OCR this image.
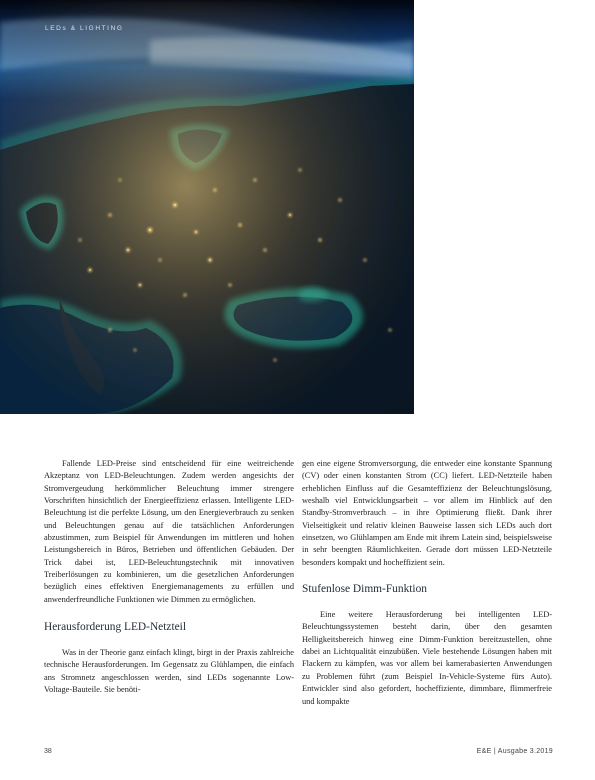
LEDs & LIGHTING

Fallende LED-Preise sind entscheidend für eine weitreichende Akzeptanz von LED-Beleuchtungen. Zudem werden angesichts der Stromvergeudung herkömmlicher Beleuchtung immer strengere Vorschriften hinsichtlich der Energieeffizienz erlassen. Intelligente LED-Beleuchtung ist die perfekte Lösung, um den Energieverbrauch zu senken und Beleuchtungen genau auf die tatsächlichen Anforderungen abzustimmen, zum Beispiel für Anwendungen im mittleren und hohen Leistungsbereich in Büros, Betrieben und öffentlichen Gebäuden. Der Trick dabei ist, LED-Beleuchtungstechnik mit innovativen Treiberlösungen zu kombinieren, um die gesetzlichen Anforderungen bezüglich eines effektiven Energiemanagements zu erfüllen und anwenderfreundliche Funktionen wie Dimmen zu ermöglichen.

Herausforderung LED-Netzteil

Was in der Theorie ganz einfach klingt, birgt in der Praxis zahlreiche technische Herausforderungen. Im Gegensatz zu Glühlampen, die einfach ans Stromnetz angeschlossen werden, sind LEDs sogenannte Low-Voltage-Bauteile. Sie benöti-

gen eine eigene Stromversorgung, die entweder eine konstante Spannung (CV) oder einen konstanten Strom (CC) liefert. LED-Netzteile haben erheblichen Einfluss auf die Gesamteffizienz der Beleuchtungslösung, weshalb viel Entwicklungsarbeit – vor allem im Hinblick auf den Standby-Stromverbrauch – in ihre Optimierung fließt. Dank ihrer Vielseitigkeit und relativ kleinen Bauweise lassen sich LEDs auch dort einsetzen, wo Glühlampen am Ende mit ihrem Latein sind, beispielsweise in sehr beengten Räumlichkeiten. Gerade dort müssen LED-Netzteile besonders kompakt und hocheffizient sein.

Stufenlose Dimm-Funktion

Eine weitere Herausforderung bei intelligenten LED-Beleuchtungssystemen besteht darin, über den gesamten Helligkeitsbereich hinweg eine Dimm-Funktion bereitzustellen, ohne dabei an Lichtqualität einzubüßen. Viele bestehende Lösungen haben mit Flackern zu kämpfen, was vor allem bei kamerabasierten Anwendungen zu Problemen führt (zum Beispiel In-Vehicle-Systeme fürs Auto). Entwickler sind also gefordert, hocheffiziente, dimmbare, flimmerfreie und kompakte

38	E&E | Ausgabe 3.2019
